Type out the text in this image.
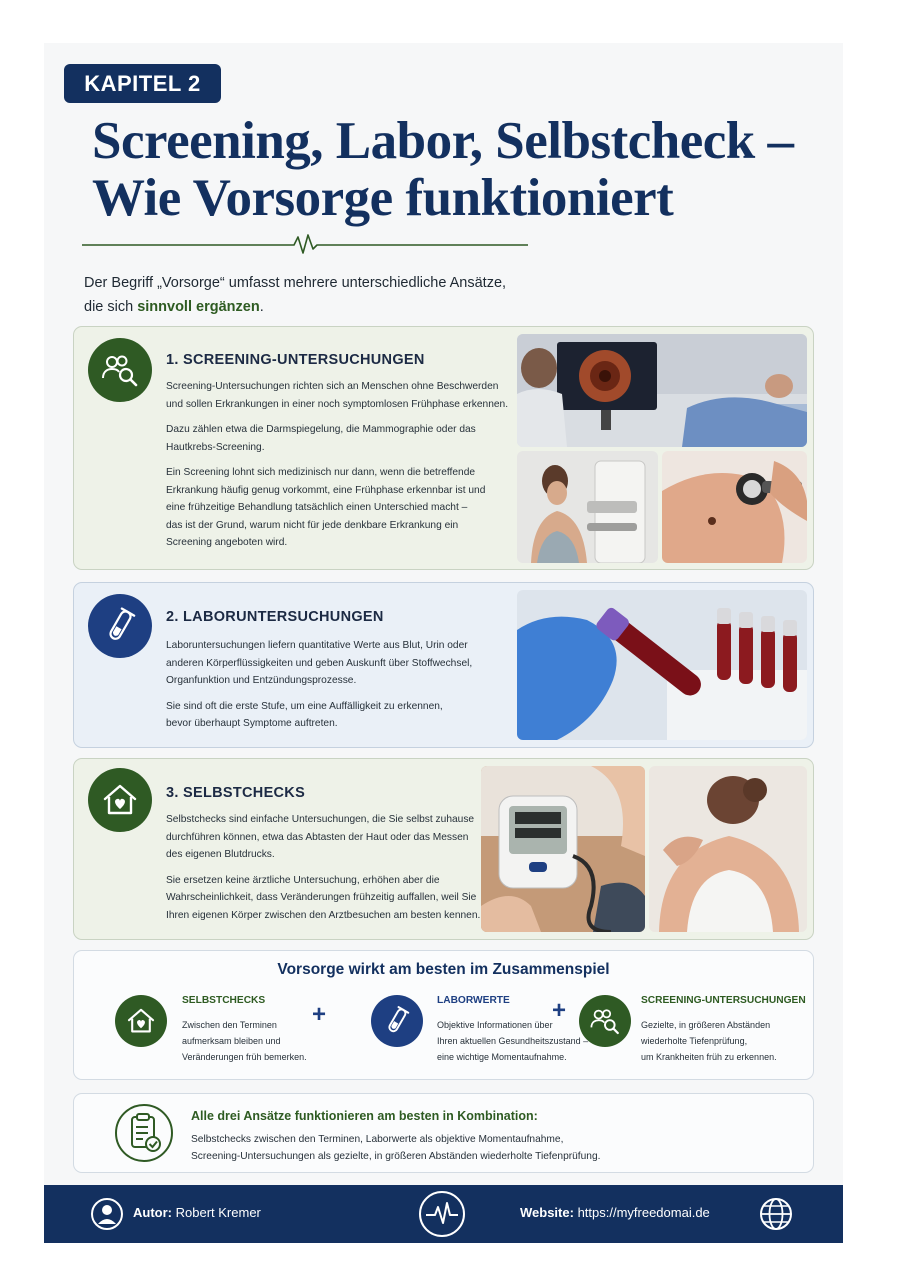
KAPITEL 2
Screening, Labor, Selbstcheck –
Wie Vorsorge funktioniert
Der Begriff „Vorsorge“ umfasst mehrere unterschiedliche Ansätze,
die sich sinnvoll ergänzen.
1. SCREENING-UNTERSUCHUNGEN

Screening-Untersuchungen richten sich an Menschen ohne Beschwerden
und sollen Erkrankungen in einer noch symptomlosen Frühphase erkennen.

Dazu zählen etwa die Darmspiegelung, die Mammographie oder das
Hautkrebs-Screening.

Ein Screening lohnt sich medizinisch nur dann, wenn die betreffende
Erkrankung häufig genug vorkommt, eine Frühphase erkennbar ist und
eine frühzeitige Behandlung tatsächlich einen Unterschied macht –
das ist der Grund, warum nicht für jede denkbare Erkrankung ein
Screening angeboten wird.

2. LABORUNTERSUCHUNGEN

Laboruntersuchungen liefern quantitative Werte aus Blut, Urin oder
anderen Körperflüssigkeiten und geben Auskunft über Stoffwechsel,
Organfunktion und Entzündungsprozesse.

Sie sind oft die erste Stufe, um eine Auffälligkeit zu erkennen,
bevor überhaupt Symptome auftreten.

3. SELBSTCHECKS

Selbstchecks sind einfache Untersuchungen, die Sie selbst zuhause
durchführen können, etwa das Abtasten der Haut oder das Messen
des eigenen Blutdrucks.

Sie ersetzen keine ärztliche Untersuchung, erhöhen aber die
Wahrscheinlichkeit, dass Veränderungen frühzeitig auffallen, weil Sie
Ihren eigenen Körper zwischen den Arztbesuchen am besten kennen.

Vorsorge wirkt am besten im Zusammenspiel
SELBSTCHECKS
Zwischen den Terminen
aufmerksam bleiben und
Veränderungen früh bemerken.
+
LABORWERTE
Objektive Informationen über
Ihren aktuellen Gesundheitszustand –
eine wichtige Momentaufnahme.
+	SCREENING-UNTERSUCHUNGEN
Gezielte, in größeren Abständen
wiederholte Tiefenprüfung,
um Krankheiten früh zu erkennen.
Alle drei Ansätze funktionieren am besten in Kombination:
Selbstchecks zwischen den Terminen, Laborwerte als objektive Momentaufnahme,
Screening-Untersuchungen als gezielte, in größeren Abständen wiederholte Tiefenprüfung.
Autor: Robert Kremer	Website: https://myfreedomai.de
